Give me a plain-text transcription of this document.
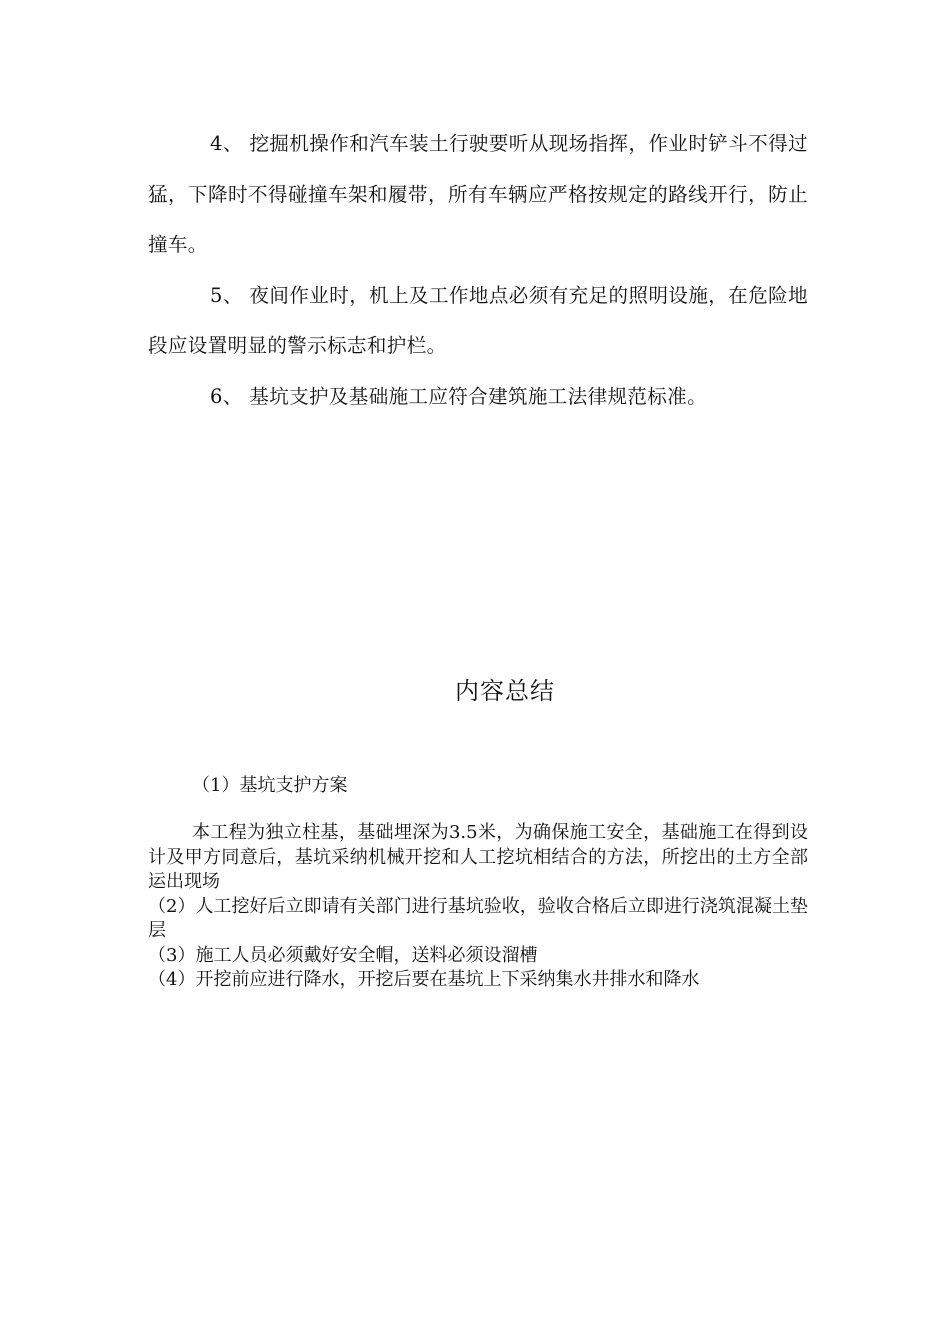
4、 挖掘机操作和汽车装土行驶要听从现场指挥，作业时铲斗不得过猛，下降时不得碰撞车架和履带，所有车辆应严格按规定的路线开行，防止撞车。

5、 夜间作业时，机上及工作地点必须有充足的照明设施，在危险地段应设置明显的警示标志和护栏。

6、 基坑支护及基础施工应符合建筑施工法律规范标准。

内容总结

（1）基坑支护方案

本工程为独立柱基，基础埋深为3.5米，为确保施工安全，基础施工在得到设计及甲方同意后，基坑采纳机械开挖和人工挖坑相结合的方法，所挖出的土方全部运出现场

（2）人工挖好后立即请有关部门进行基坑验收，验收合格后立即进行浇筑混凝土垫层

（3）施工人员必须戴好安全帽，送料必须设溜槽

（4）开挖前应进行降水，开挖后要在基坑上下采纳集水井排水和降水
